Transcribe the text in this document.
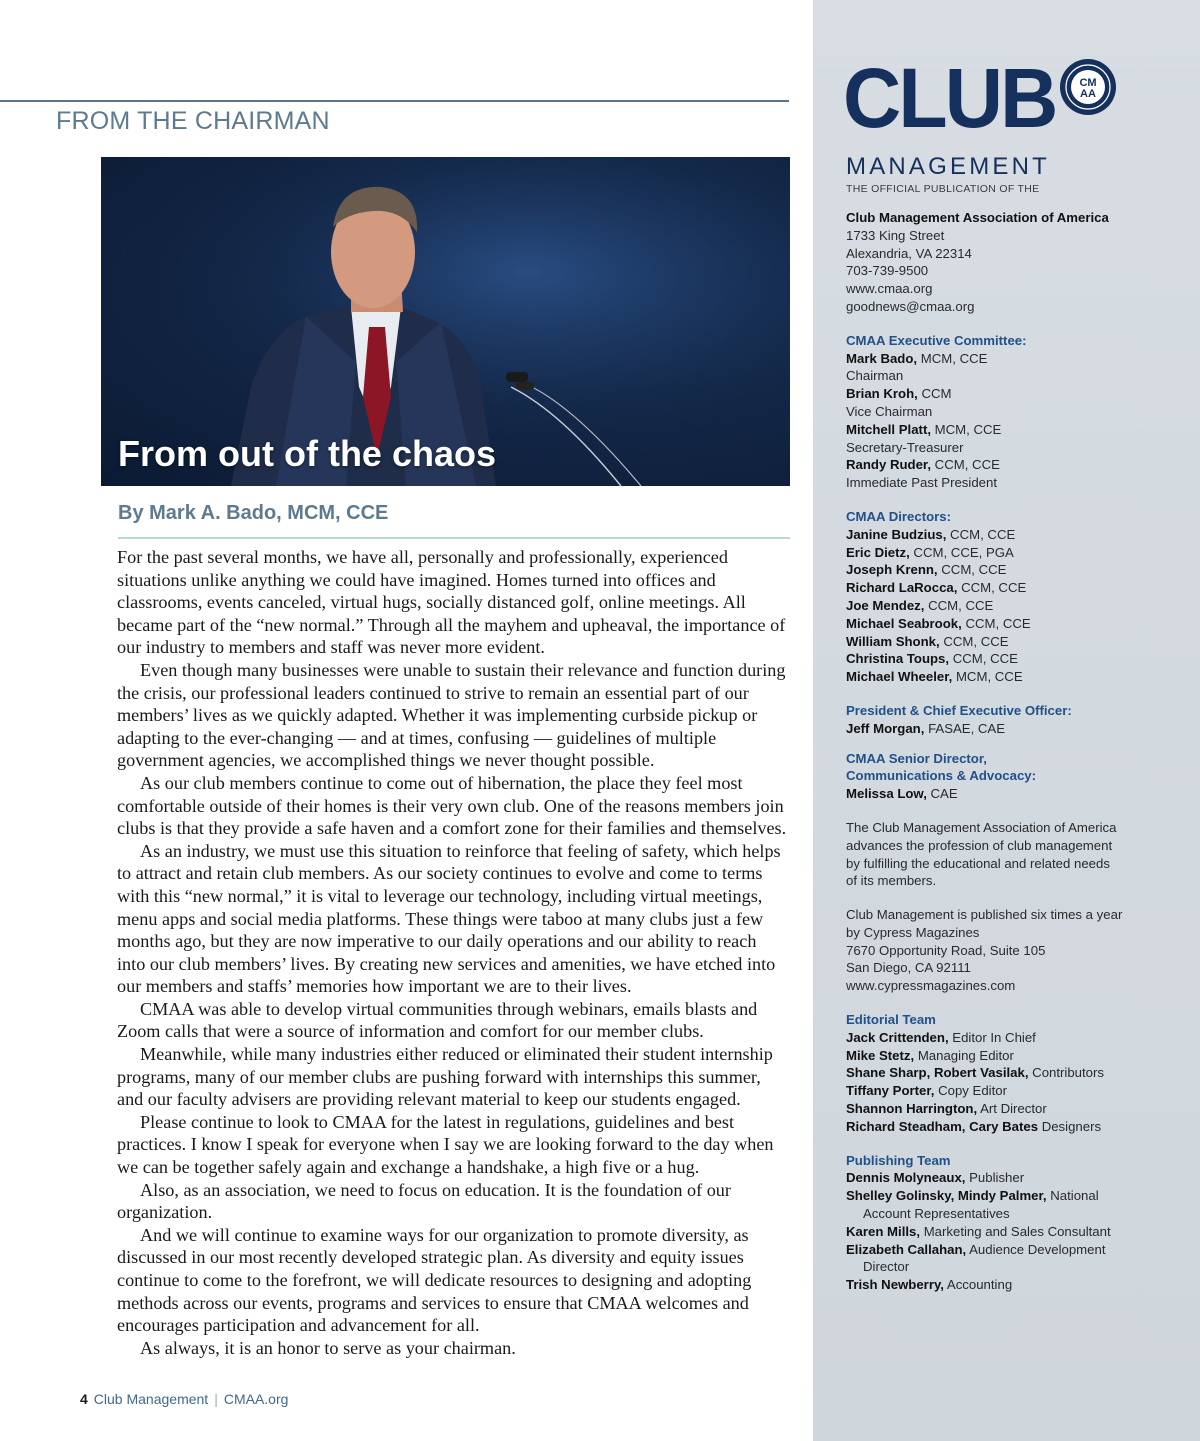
FROM THE CHAIRMAN
From out of the chaos
By Mark A. Bado, MCM, CCE

For the past several months, we have all, personally and professionally, experienced situations unlike anything we could have imagined. Homes turned into offices and classrooms, events canceled, virtual hugs, socially distanced golf, online meetings. All became part of the “new normal.” Through all the mayhem and upheaval, the importance of our industry to members and staff was never more evident.

Even though many businesses were unable to sustain their relevance and function during the crisis, our professional leaders continued to strive to remain an essential part of our members’ lives as we quickly adapted. Whether it was implementing curbside pickup or adapting to the ever-changing — and at times, confusing — guidelines of multiple government agencies, we accomplished things we never thought possible.

As our club members continue to come out of hibernation, the place they feel most comfortable outside of their homes is their very own club. One of the reasons members join clubs is that they provide a safe haven and a comfort zone for their families and themselves.

As an industry, we must use this situation to reinforce that feeling of safety, which helps to attract and retain club members. As our society continues to evolve and come to terms with this “new normal,” it is vital to leverage our technology, including virtual meetings, menu apps and social media platforms. These things were taboo at many clubs just a few months ago, but they are now imperative to our daily operations and our ability to reach into our club members’ lives. By creating new services and amenities, we have etched into our members and staffs’ memories how important we are to their lives.

CMAA was able to develop virtual communities through webinars, emails blasts and Zoom calls that were a source of information and comfort for our member clubs.

Meanwhile, while many industries either reduced or eliminated their student internship programs, many of our member clubs are pushing forward with internships this summer, and our faculty advisers are providing relevant material to keep our students engaged.

Please continue to look to CMAA for the latest in regulations, guidelines and best practices. I know I speak for everyone when I say we are looking forward to the day when we can be together safely again and exchange a handshake, a high five or a hug.

Also, as an association, we need to focus on education. It is the foundation of our organization.

And we will continue to examine ways for our organization to promote diversity, as discussed in our most recently developed strategic plan. As diversity and equity issues continue to come to the forefront, we will dedicate resources to designing and adopting methods across our events, programs and services to ensure that CMAA welcomes and encourages participation and advancement for all.

As always, it is an honor to serve as your chairman.

4 Club Management | CMAA.org
CLUB CM
AA
MANAGEMENT
THE OFFICIAL PUBLICATION OF THE
Club Management Association of America
1733 King Street
Alexandria, VA 22314
703-739-9500
www.cmaa.org
goodnews@cmaa.org
CMAA Executive Committee:
Mark Bado, MCM, CCE
Chairman
Brian Kroh, CCM
Vice Chairman
Mitchell Platt, MCM, CCE
Secretary-Treasurer
Randy Ruder, CCM, CCE
Immediate Past President
CMAA Directors:
Janine Budzius, CCM, CCE
Eric Dietz, CCM, CCE, PGA
Joseph Krenn, CCM, CCE
Richard LaRocca, CCM, CCE
Joe Mendez, CCM, CCE
Michael Seabrook, CCM, CCE
William Shonk, CCM, CCE
Christina Toups, CCM, CCE
Michael Wheeler, MCM, CCE
President & Chief Executive Officer:
Jeff Morgan, FASAE, CAE
CMAA Senior Director,
Communications & Advocacy:
Melissa Low, CAE
The Club Management Association of America
advances the profession of club management
by fulfilling the educational and related needs
of its members.
Club Management is published six times a year
by Cypress Magazines
7670 Opportunity Road, Suite 105
San Diego, CA 92111
www.cypressmagazines.com
Editorial Team
Jack Crittenden, Editor In Chief
Mike Stetz, Managing Editor
Shane Sharp, Robert Vasilak, Contributors
Tiffany Porter, Copy Editor
Shannon Harrington, Art Director
Richard Steadham, Cary Bates Designers
Publishing Team
Dennis Molyneaux, Publisher
Shelley Golinsky, Mindy Palmer, National
Account Representatives
Karen Mills, Marketing and Sales Consultant
Elizabeth Callahan, Audience Development
Director
Trish Newberry, Accounting
